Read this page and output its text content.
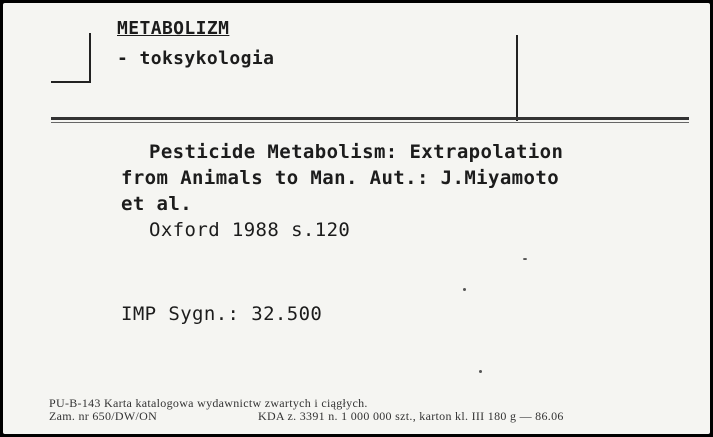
METABOLIZM
- toksykologia
Pesticide Metabolism: Extrapolation
from Animals to Man. Aut.: J.Miyamoto
et al.
Oxford 1988 s.120
IMP Sygn.: 32.500
PU-B-143 Karta katalogowa wydawnictw zwartych i ciągłych.
Zam. nr 650/DW/ON	KDA z. 3391 n. 1 000 000 szt., karton kl. III 180 g — 86.06
